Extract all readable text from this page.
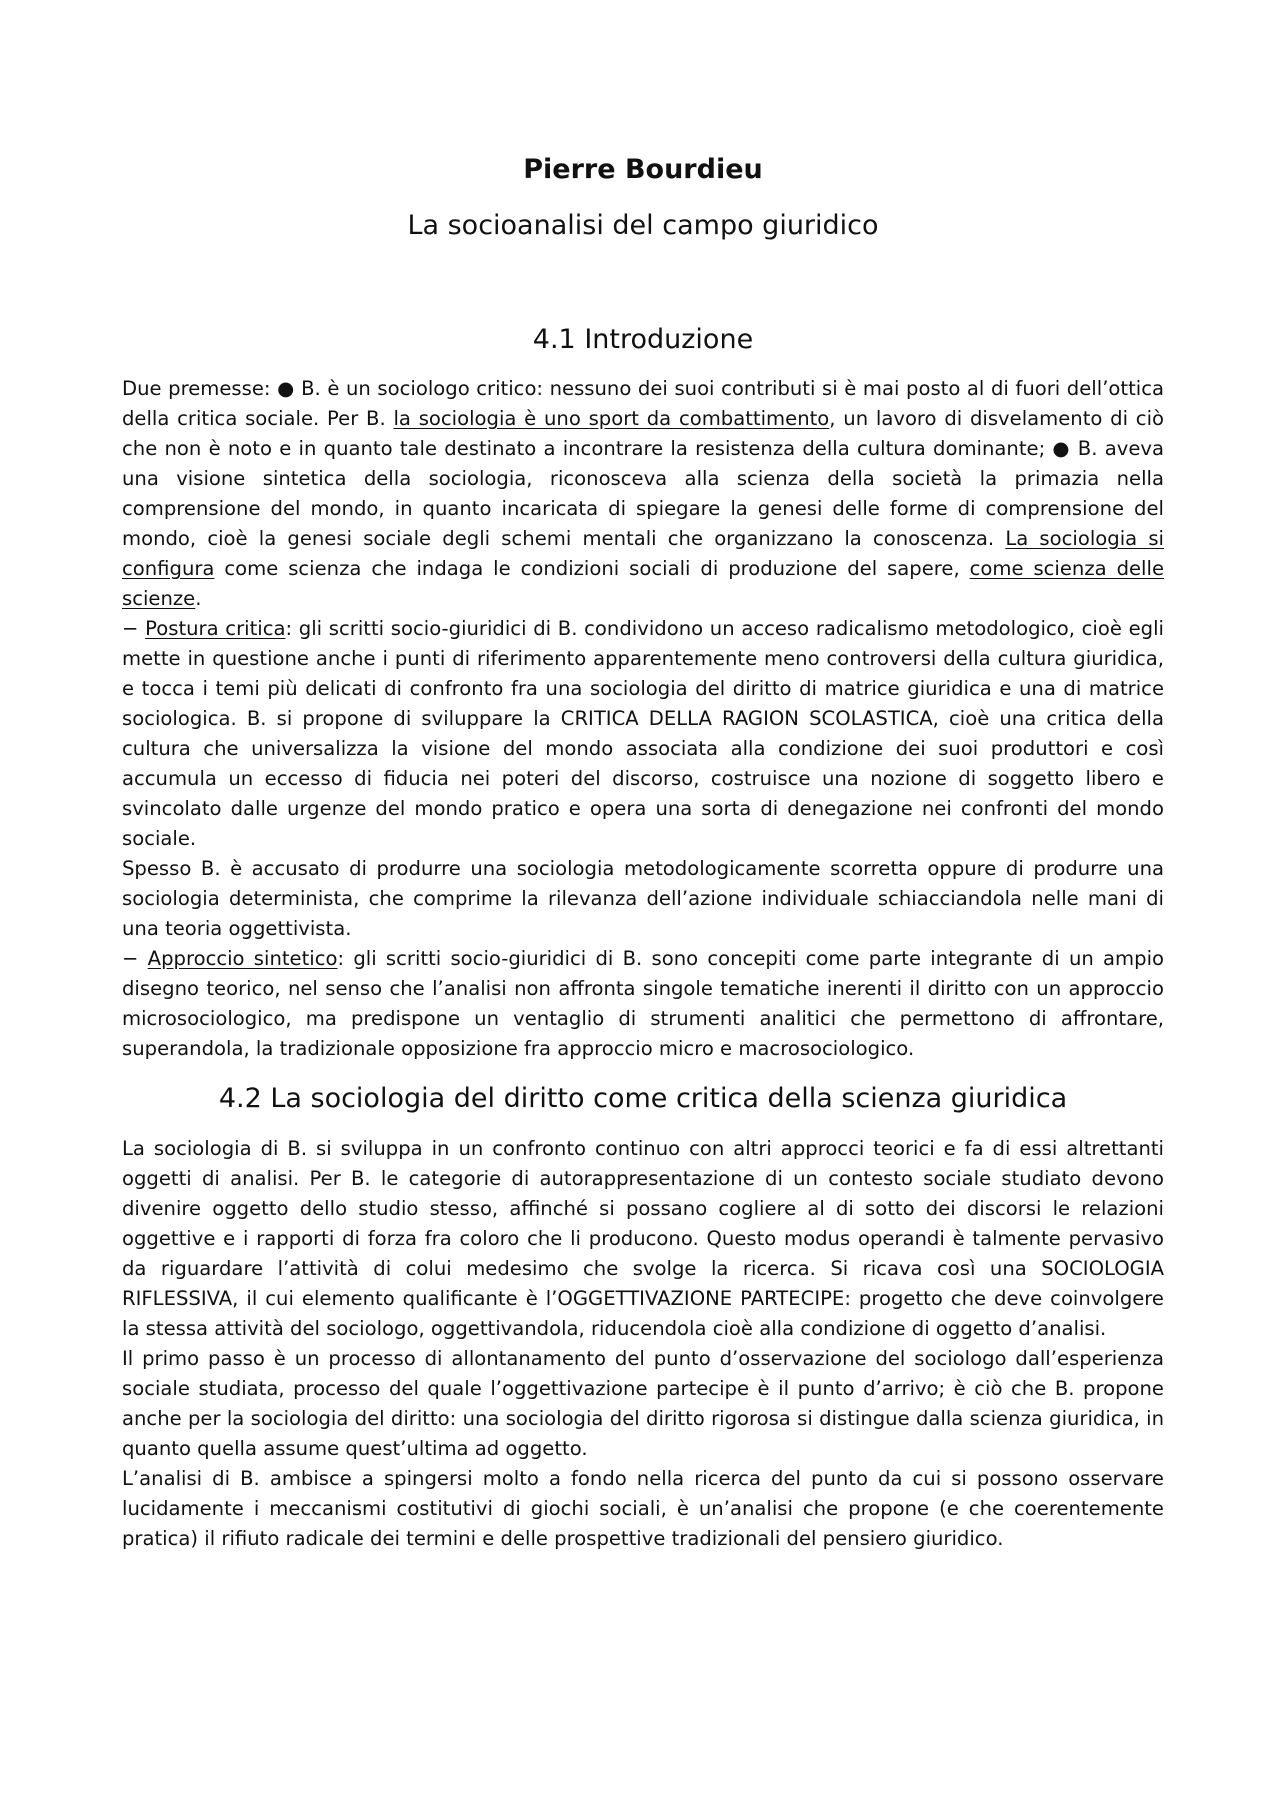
Pierre Bourdieu
La socioanalisi del campo giuridico
4.1 Introduzione

Due premesse: ● B. è un sociologo critico: nessuno dei suoi contributi si è mai posto al di fuori dell’ottica della critica sociale. Per B. la sociologia è uno sport da combattimento, un lavoro di disvelamento di ciò che non è noto e in quanto tale destinato a incontrare la resistenza della cultura dominante; ● B. aveva una visione sintetica della sociologia, riconosceva alla scienza della società la primazia nella comprensione del mondo, in quanto incaricata di spiegare la genesi delle forme di comprensione del mondo, cioè la genesi sociale degli schemi mentali che organizzano la conoscenza. La sociologia si configura come scienza che indaga le condizioni sociali di produzione del sapere, come scienza delle scienze.

− Postura critica: gli scritti socio-giuridici di B. condividono un acceso radicalismo metodologico, cioè egli mette in questione anche i punti di riferimento apparentemente meno controversi della cultura giuridica, e tocca i temi più delicati di confronto fra una sociologia del diritto di matrice giuridica e una di matrice sociologica. B. si propone di sviluppare la CRITICA DELLA RAGION SCOLASTICA, cioè una critica della cultura che universalizza la visione del mondo associata alla condizione dei suoi produttori e così accumula un eccesso di fiducia nei poteri del discorso, costruisce una nozione di soggetto libero e svincolato dalle urgenze del mondo pratico e opera una sorta di denegazione nei confronti del mondo sociale.

Spesso B. è accusato di produrre una sociologia metodologicamente scorretta oppure di produrre una sociologia determinista, che comprime la rilevanza dell’azione individuale schiacciandola nelle mani di una teoria oggettivista.

− Approccio sintetico: gli scritti socio-giuridici di B. sono concepiti come parte integrante di un ampio disegno teorico, nel senso che l’analisi non affronta singole tematiche inerenti il diritto con un approccio microsociologico, ma predispone un ventaglio di strumenti analitici che permettono di affrontare, superandola, la tradizionale opposizione fra approccio micro e macrosociologico.

4.2 La sociologia del diritto come critica della scienza giuridica

La sociologia di B. si sviluppa in un confronto continuo con altri approcci teorici e fa di essi altrettanti oggetti di analisi. Per B. le categorie di autorappresentazione di un contesto sociale studiato devono divenire oggetto dello studio stesso, affinché si possano cogliere al di sotto dei discorsi le relazioni oggettive e i rapporti di forza fra coloro che li producono. Questo modus operandi è talmente pervasivo da riguardare l’attività di colui medesimo che svolge la ricerca. Si ricava così una SOCIOLOGIA RIFLESSIVA, il cui elemento qualificante è l’OGGETTIVAZIONE PARTECIPE: progetto che deve coinvolgere la stessa attività del sociologo, oggettivandola, riducendola cioè alla condizione di oggetto d’analisi.

Il primo passo è un processo di allontanamento del punto d’osservazione del sociologo dall’esperienza sociale studiata, processo del quale l’oggettivazione partecipe è il punto d’arrivo; è ciò che B. propone anche per la sociologia del diritto: una sociologia del diritto rigorosa si distingue dalla scienza giuridica, in quanto quella assume quest’ultima ad oggetto.

L’analisi di B. ambisce a spingersi molto a fondo nella ricerca del punto da cui si possono osservare lucidamente i meccanismi costitutivi di giochi sociali, è un’analisi che propone (e che coerentemente pratica) il rifiuto radicale dei termini e delle prospettive tradizionali del pensiero giuridico.
